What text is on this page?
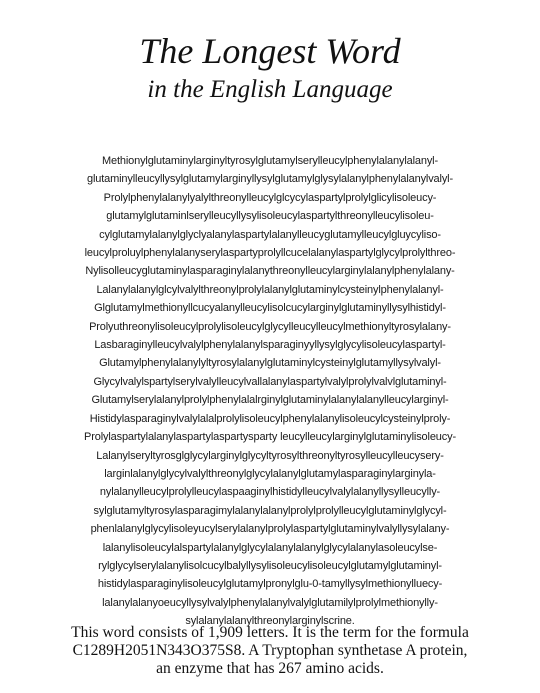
The Longest Word
in the English Language
Methionylglutaminylarginyltyrosylglutamylserylleucylphenylalanylalanyl-
glutaminylleucyllysylglutamylarginyllysylglutamylglysylalanylphenylalanylvalyl-
Prolylphenylalanylyalylthreonylleucylglcycylaspartylprolylglicylisoleucy-
glutamylglutaminlserylleucyllysylisoleucylaspartylthreonylleucylisoleu-
cylglutamylalanylglyclyalanylaspartylalanylleucyglutamylleucylgluycyliso-
leucylproluylphenylalanyserylaspartyprolyllcucelalanylaspartylglycylprolylthreo-
Nylisolleucyglutaminylasparaginylalanythreonylleucylarginylalanylphenylalany-
Lalanylalanylglcylvalylthreonylprolylalanylglutaminylcysteinylphenylalanyl-
Glglutamylmethionyllcucyalanylleucylisolcucylarginylglutaminyllysylhistidyl-
Prolyuthreonylisoleucylprolylisoleucylglycylleucylleucylmethionyltyrosylalany-
Lasbaraginylleucylvalylphenylalanylsparaginyyllysylglycylisoleucylaspartyl-
Glutamylphenylalanylyltyrosylalanylglutaminylcysteinylglutamyllysylvalyl-
Glycylvalylspartylserylvalylleucylvallalanylaspartylvalylprolylvalvlglutaminyl-
Glutamylserylalanylprolylphenylalalrginylglutaminylalanylalanylleucylarginyl-
Histidylasparaginylvalylalalprolylisoleucylphenylalanylisoleucylcysteinylproly-
Prolylaspartylalanylaspartylaspartysparty leucylleucylarginylglutaminylisoleucy-
Lalanylseryltyrosglglycylarginylglycyltyrosylthreonyltyrosylleucylleucysery-
larginlalanylglycylvalylthreonylglycylalanylglutamylasparaginylarginyla-
nylalanylleucylprolylleucylaspaaginylhistidylleucylvalylalanyllysylleucylly-
sylglutamyltyrosylasparagimylalanylalanylprolylprolylleucylglutaminylglycyl-
phenlalanylglycylisoleyucylserylalanylprolylaspartylglutaminylvalyllysylalany-
lalanylisoleucylalspartylalanylglycylalanylalanylglycylalanylasoleucylse-
rylglycylserylalanylisolcucylbalyllysylisoleucylisoleucylglutamylglutaminyl-
histidylasparaginylisoleucylglutamylpronylglu-0-tamyllysylmethionylluecy-
lalanylalanyoeucyllysylvalylphenylalanylvalylglutamilylprolylmethionylly-
sylalanylalanylthreonylarginylscrine.
This word consists of 1,909 letters. It is the term for the formula
C1289H2051N343O375S8. A Tryptophan synthetase A protein,
an enzyme that has 267 amino acids.
